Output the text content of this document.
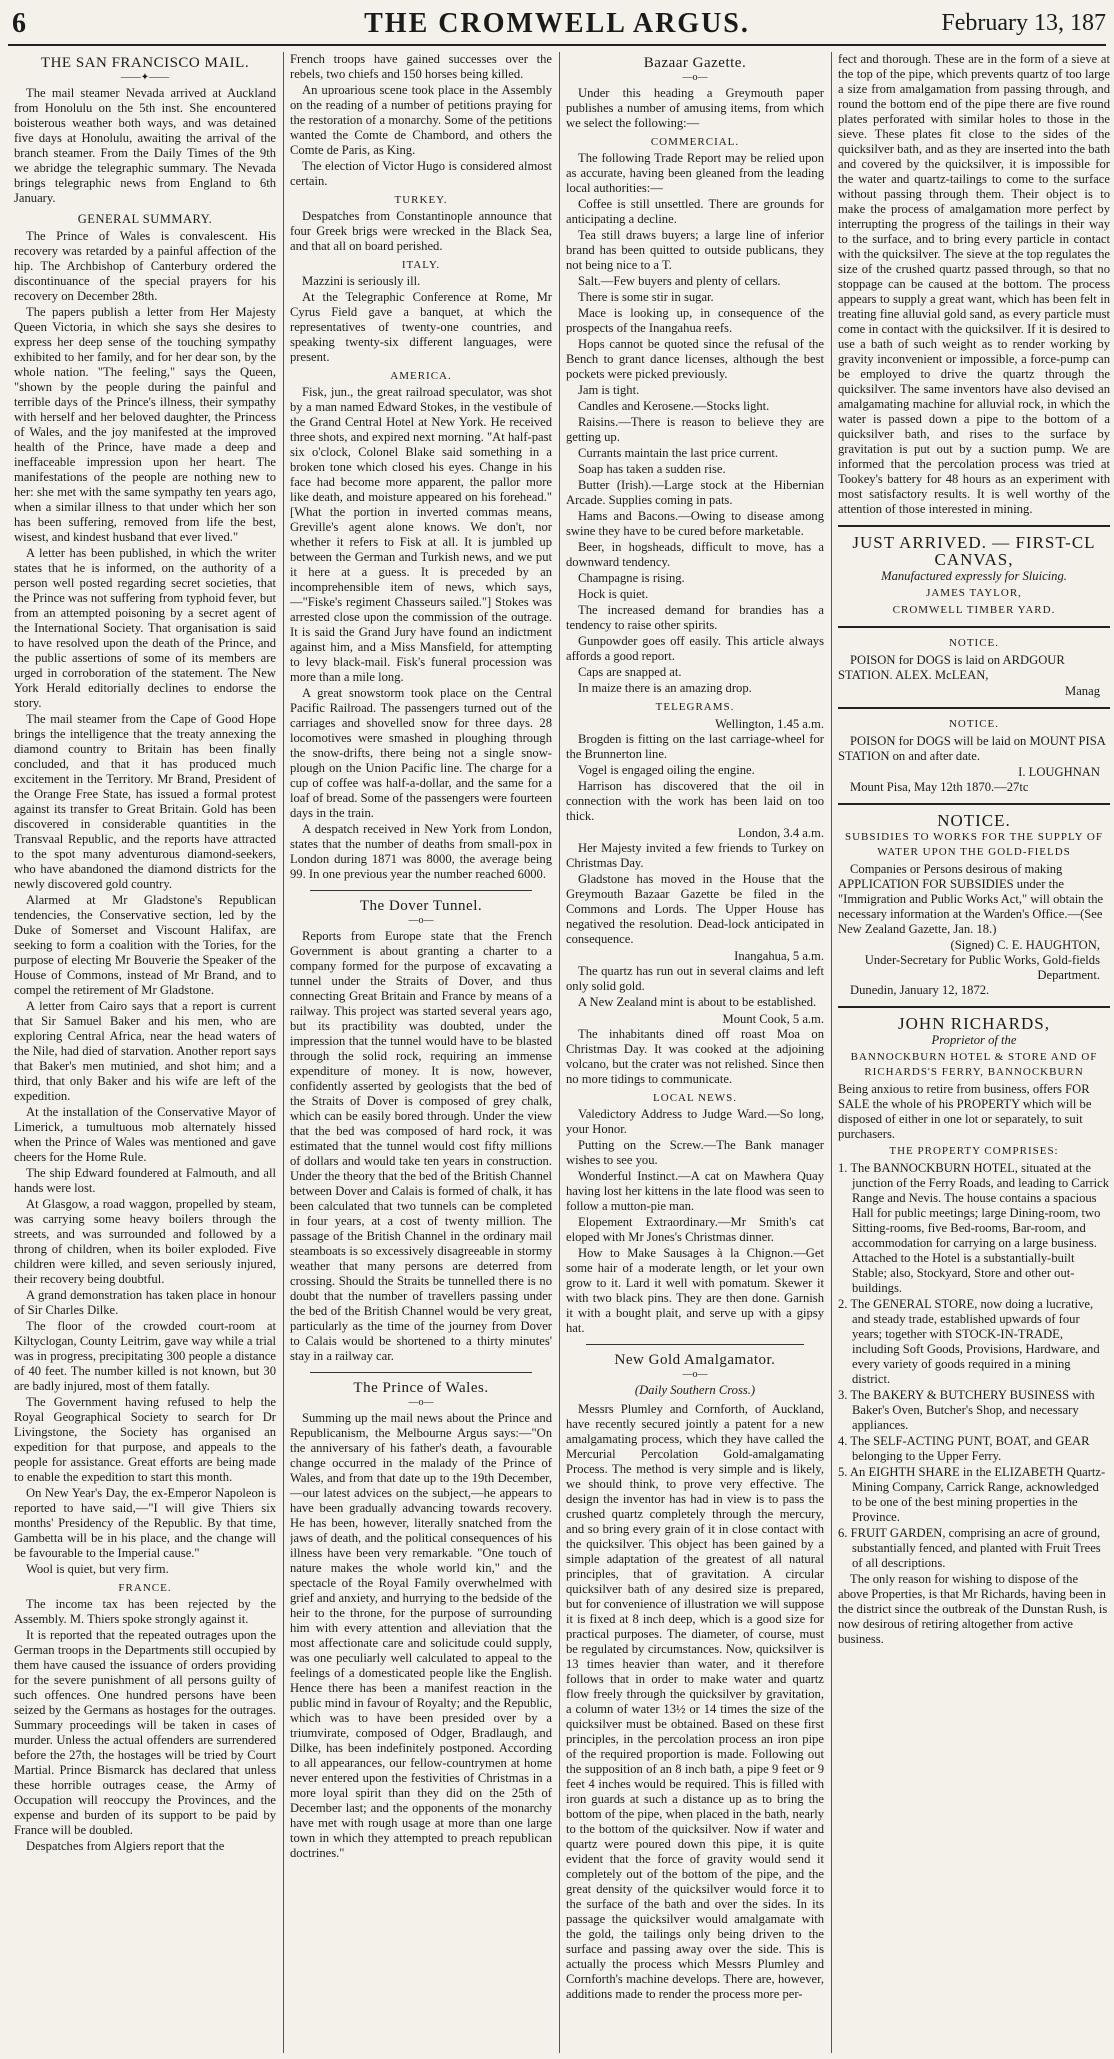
6	THE CROMWELL ARGUS.	February 13, 187
THE SAN FRANCISCO MAIL.
——✦——

The mail steamer Nevada arrived at Auckland from Honolulu on the 5th inst. She encountered boisterous weather both ways, and was detained five days at Honolulu, awaiting the arrival of the branch steamer. From the Daily Times of the 9th we abridge the telegraphic summary. The Nevada brings telegraphic news from England to 6th January.

GENERAL SUMMARY.

The Prince of Wales is convalescent. His recovery was retarded by a painful affection of the hip. The Archbishop of Canterbury ordered the discontinuance of the special prayers for his recovery on December 28th.

The papers publish a letter from Her Majesty Queen Victoria, in which she says she desires to express her deep sense of the touching sympathy exhibited to her family, and for her dear son, by the whole nation. "The feeling," says the Queen, "shown by the people during the painful and terrible days of the Prince's illness, their sympathy with herself and her beloved daughter, the Princess of Wales, and the joy manifested at the improved health of the Prince, have made a deep and ineffaceable impression upon her heart. The manifestations of the people are nothing new to her: she met with the same sympathy ten years ago, when a similar illness to that under which her son has been suffering, removed from life the best, wisest, and kindest husband that ever lived."

A letter has been published, in which the writer states that he is informed, on the authority of a person well posted regarding secret societies, that the Prince was not suffering from typhoid fever, but from an attempted poisoning by a secret agent of the International Society. That organisation is said to have resolved upon the death of the Prince, and the public assertions of some of its members are urged in corroboration of the statement. The New York Herald editorially declines to endorse the story.

The mail steamer from the Cape of Good Hope brings the intelligence that the treaty annexing the diamond country to Britain has been finally concluded, and that it has produced much excitement in the Territory. Mr Brand, President of the Orange Free State, has issued a formal protest against its transfer to Great Britain. Gold has been discovered in considerable quantities in the Transvaal Republic, and the reports have attracted to the spot many adventurous diamond-seekers, who have abandoned the diamond districts for the newly discovered gold country.

Alarmed at Mr Gladstone's Republican tendencies, the Conservative section, led by the Duke of Somerset and Viscount Halifax, are seeking to form a coalition with the Tories, for the purpose of electing Mr Bouverie the Speaker of the House of Commons, instead of Mr Brand, and to compel the retirement of Mr Gladstone.

A letter from Cairo says that a report is current that Sir Samuel Baker and his men, who are exploring Central Africa, near the head waters of the Nile, had died of starvation. Another report says that Baker's men mutinied, and shot him; and a third, that only Baker and his wife are left of the expedition.

At the installation of the Conservative Mayor of Limerick, a tumultuous mob alternately hissed when the Prince of Wales was mentioned and gave cheers for the Home Rule.

The ship Edward foundered at Falmouth, and all hands were lost.

At Glasgow, a road waggon, propelled by steam, was carrying some heavy boilers through the streets, and was surrounded and followed by a throng of children, when its boiler exploded. Five children were killed, and seven seriously injured, their recovery being doubtful.

A grand demonstration has taken place in honour of Sir Charles Dilke.

The floor of the crowded court-room at Kiltyclogan, County Leitrim, gave way while a trial was in progress, precipitating 300 people a distance of 40 feet. The number killed is not known, but 30 are badly injured, most of them fatally.

The Government having refused to help the Royal Geographical Society to search for Dr Livingstone, the Society has organised an expedition for that purpose, and appeals to the people for assistance. Great efforts are being made to enable the expedition to start this month.

On New Year's Day, the ex-Emperor Napoleon is reported to have said,—"I will give Thiers six months' Presidency of the Republic. By that time, Gambetta will be in his place, and the change will be favourable to the Imperial cause."

Wool is quiet, but very firm.

FRANCE.

The income tax has been rejected by the Assembly. M. Thiers spoke strongly against it.

It is reported that the repeated outrages upon the German troops in the Departments still occupied by them have caused the issuance of orders providing for the severe punishment of all persons guilty of such offences. One hundred persons have been seized by the Germans as hostages for the outrages. Summary proceedings will be taken in cases of murder. Unless the actual offenders are surrendered before the 27th, the hostages will be tried by Court Martial. Prince Bismarck has declared that unless these horrible outrages cease, the Army of Occupation will reoccupy the Provinces, and the expense and burden of its support to be paid by France will be doubled.

Despatches from Algiers report that the

French troops have gained successes over the rebels, two chiefs and 150 horses being killed.

An uproarious scene took place in the Assembly on the reading of a number of petitions praying for the restoration of a monarchy. Some of the petitions wanted the Comte de Chambord, and others the Comte de Paris, as King.

The election of Victor Hugo is considered almost certain.

TURKEY.

Despatches from Constantinople announce that four Greek brigs were wrecked in the Black Sea, and that all on board perished.

ITALY.

Mazzini is seriously ill.

At the Telegraphic Conference at Rome, Mr Cyrus Field gave a banquet, at which the representatives of twenty-one countries, and speaking twenty-six different languages, were present.

AMERICA.

Fisk, jun., the great railroad speculator, was shot by a man named Edward Stokes, in the vestibule of the Grand Central Hotel at New York. He received three shots, and expired next morning. "At half-past six o'clock, Colonel Blake said something in a broken tone which closed his eyes. Change in his face had become more apparent, the pallor more like death, and moisture appeared on his forehead." [What the portion in inverted commas means, Greville's agent alone knows. We don't, nor whether it refers to Fisk at all. It is jumbled up between the German and Turkish news, and we put it here at a guess. It is preceded by an incomprehensible item of news, which says,—"Fiske's regiment Chasseurs sailed."] Stokes was arrested close upon the commission of the outrage. It is said the Grand Jury have found an indictment against him, and a Miss Mansfield, for attempting to levy black-mail. Fisk's funeral procession was more than a mile long.

A great snowstorm took place on the Central Pacific Railroad. The passengers turned out of the carriages and shovelled snow for three days. 28 locomotives were smashed in ploughing through the snow-drifts, there being not a single snow-plough on the Union Pacific line. The charge for a cup of coffee was half-a-dollar, and the same for a loaf of bread. Some of the passengers were fourteen days in the train.

A despatch received in New York from London, states that the number of deaths from small-pox in London during 1871 was 8000, the average being 99. In one previous year the number reached 6000.

The Dover Tunnel.
—o—

Reports from Europe state that the French Government is about granting a charter to a company formed for the purpose of excavating a tunnel under the Straits of Dover, and thus connecting Great Britain and France by means of a railway. This project was started several years ago, but its practibility was doubted, under the impression that the tunnel would have to be blasted through the solid rock, requiring an immense expenditure of money. It is now, however, confidently asserted by geologists that the bed of the Straits of Dover is composed of grey chalk, which can be easily bored through. Under the view that the bed was composed of hard rock, it was estimated that the tunnel would cost fifty millions of dollars and would take ten years in construction. Under the theory that the bed of the British Channel between Dover and Calais is formed of chalk, it has been calculated that two tunnels can be completed in four years, at a cost of twenty million. The passage of the British Channel in the ordinary mail steamboats is so excessively disagreeable in stormy weather that many persons are deterred from crossing. Should the Straits be tunnelled there is no doubt that the number of travellers passing under the bed of the British Channel would be very great, particularly as the time of the journey from Dover to Calais would be shortened to a thirty minutes' stay in a railway car.

The Prince of Wales.
—o—

Summing up the mail news about the Prince and Republicanism, the Melbourne Argus says:—"On the anniversary of his father's death, a favourable change occurred in the malady of the Prince of Wales, and from that date up to the 19th December,—our latest advices on the subject,—he appears to have been gradually advancing towards recovery. He has been, however, literally snatched from the jaws of death, and the political consequences of his illness have been very remarkable. "One touch of nature makes the whole world kin," and the spectacle of the Royal Family overwhelmed with grief and anxiety, and hurrying to the bedside of the heir to the throne, for the purpose of surrounding him with every attention and alleviation that the most affectionate care and solicitude could supply, was one peculiarly well calculated to appeal to the feelings of a domesticated people like the English. Hence there has been a manifest reaction in the public mind in favour of Royalty; and the Republic, which was to have been presided over by a triumvirate, composed of Odger, Bradlaugh, and Dilke, has been indefinitely postponed. According to all appearances, our fellow-countrymen at home never entered upon the festivities of Christmas in a more loyal spirit than they did on the 25th of December last; and the opponents of the monarchy have met with rough usage at more than one large town in which they attempted to preach republican doctrines."

Bazaar Gazette.
—o—

Under this heading a Greymouth paper publishes a number of amusing items, from which we select the following:—

COMMERCIAL.

The following Trade Report may be relied upon as accurate, having been gleaned from the leading local authorities:—

Coffee is still unsettled. There are grounds for anticipating a decline.

Tea still draws buyers; a large line of inferior brand has been quitted to outside publicans, they not being nice to a T.

Salt.—Few buyers and plenty of cellars.

There is some stir in sugar.

Mace is looking up, in consequence of the prospects of the Inangahua reefs.

Hops cannot be quoted since the refusal of the Bench to grant dance licenses, although the best pockets were picked previously.

Jam is tight.

Candles and Kerosene.—Stocks light.

Raisins.—There is reason to believe they are getting up.

Currants maintain the last price current.

Soap has taken a sudden rise.

Butter (Irish).—Large stock at the Hibernian Arcade. Supplies coming in pats.

Hams and Bacons.—Owing to disease among swine they have to be cured before marketable.

Beer, in hogsheads, difficult to move, has a downward tendency.

Champagne is rising.

Hock is quiet.

The increased demand for brandies has a tendency to raise other spirits.

Gunpowder goes off easily. This article always affords a good report.

Caps are snapped at.

In maize there is an amazing drop.

TELEGRAMS.
Wellington, 1.45 a.m.

Brogden is fitting on the last carriage-wheel for the Brunnerton line.

Vogel is engaged oiling the engine.

Harrison has discovered that the oil in connection with the work has been laid on too thick.

London, 3.4 a.m.

Her Majesty invited a few friends to Turkey on Christmas Day.

Gladstone has moved in the House that the Greymouth Bazaar Gazette be filed in the Commons and Lords. The Upper House has negatived the resolution. Dead-lock anticipated in consequence.

Inangahua, 5 a.m.

The quartz has run out in several claims and left only solid gold.

A New Zealand mint is about to be established.

Mount Cook, 5 a.m.

The inhabitants dined off roast Moa on Christmas Day. It was cooked at the adjoining volcano, but the crater was not relished. Since then no more tidings to communicate.

LOCAL NEWS.

Valedictory Address to Judge Ward.—So long, your Honor.

Putting on the Screw.—The Bank manager wishes to see you.

Wonderful Instinct.—A cat on Mawhera Quay having lost her kittens in the late flood was seen to follow a mutton-pie man.

Elopement Extraordinary.—Mr Smith's cat eloped with Mr Jones's Christmas dinner.

How to Make Sausages à la Chignon.—Get some hair of a moderate length, or let your own grow to it. Lard it well with pomatum. Skewer it with two black pins. They are then done. Garnish it with a bought plait, and serve up with a gipsy hat.

New Gold Amalgamator.
—o—
(Daily Southern Cross.)

Messrs Plumley and Cornforth, of Auckland, have recently secured jointly a patent for a new amalgamating process, which they have called the Mercurial Percolation Gold-amalgamating Process. The method is very simple and is likely, we should think, to prove very effective. The design the inventor has had in view is to pass the crushed quartz completely through the mercury, and so bring every grain of it in close contact with the quicksilver. This object has been gained by a simple adaptation of the greatest of all natural principles, that of gravitation. A circular quicksilver bath of any desired size is prepared, but for convenience of illustration we will suppose it is fixed at 8 inch deep, which is a good size for practical purposes. The diameter, of course, must be regulated by circumstances. Now, quicksilver is 13 times heavier than water, and it therefore follows that in order to make water and quartz flow freely through the quicksilver by gravitation, a column of water 13½ or 14 times the size of the quicksilver must be obtained. Based on these first principles, in the percolation process an iron pipe of the required proportion is made. Following out the supposition of an 8 inch bath, a pipe 9 feet or 9 feet 4 inches would be required. This is filled with iron guards at such a distance up as to bring the bottom of the pipe, when placed in the bath, nearly to the bottom of the quicksilver. Now if water and quartz were poured down this pipe, it is quite evident that the force of gravity would send it completely out of the bottom of the pipe, and the great density of the quicksilver would force it to the surface of the bath and over the sides. In its passage the quicksilver would amalgamate with the gold, the tailings only being driven to the surface and passing away over the side. This is actually the process which Messrs Plumley and Cornforth's machine develops. There are, however, additions made to render the process more per-

fect and thorough. These are in the form of a sieve at the top of the pipe, which prevents quartz of too large a size from amalgamation from passing through, and round the bottom end of the pipe there are five round plates perforated with similar holes to those in the sieve. These plates fit close to the sides of the quicksilver bath, and as they are inserted into the bath and covered by the quicksilver, it is impossible for the water and quartz-tailings to come to the surface without passing through them. Their object is to make the process of amalgamation more perfect by interrupting the progress of the tailings in their way to the surface, and to bring every particle in contact with the quicksilver. The sieve at the top regulates the size of the crushed quartz passed through, so that no stoppage can be caused at the bottom. The process appears to supply a great want, which has been felt in treating fine alluvial gold sand, as every particle must come in contact with the quicksilver. If it is desired to use a bath of such weight as to render working by gravity inconvenient or impossible, a force-pump can be employed to drive the quartz through the quicksilver. The same inventors have also devised an amalgamating machine for alluvial rock, in which the water is passed down a pipe to the bottom of a quicksilver bath, and rises to the surface by gravitation is put out by a suction pump. We are informed that the percolation process was tried at Tookey's battery for 48 hours as an experiment with most satisfactory results. It is well worthy of the attention of those interested in mining.

JUST ARRIVED. — FIRST-CL
CANVAS,
Manufactured expressly for Sluicing.
JAMES TAYLOR,
CROMWELL TIMBER YARD.
NOTICE.

POISON for DOGS is laid on ARDGOUR STATION. ALEX. McLEAN,

Manag
NOTICE.

POISON for DOGS will be laid on MOUNT PISA STATION on and after date.

I. LOUGHNAN

Mount Pisa, May 12th 1870.—27tc

NOTICE.
SUBSIDIES TO WORKS FOR THE SUPPLY OF WATER UPON THE GOLD-FIELDS

Companies or Persons desirous of making APPLICATION FOR SUBSIDIES under the "Immigration and Public Works Act," will obtain the necessary information at the Warden's Office.—(See New Zealand Gazette, Jan. 18.)

(Signed) C. E. HAUGHTON,
Under-Secretary for Public Works, Gold-fields Department.

Dunedin, January 12, 1872.

JOHN RICHARDS,
Proprietor of the
BANNOCKBURN HOTEL & STORE AND OF RICHARDS'S FERRY, BANNOCKBURN

Being anxious to retire from business, offers FOR SALE the whole of his PROPERTY which will be disposed of either in one lot or separately, to suit purchasers.

THE PROPERTY COMPRISES:

1. The BANNOCKBURN HOTEL, situated at the junction of the Ferry Roads, and leading to Carrick Range and Nevis. The house contains a spacious Hall for public meetings; large Dining-room, two Sitting-rooms, five Bed-rooms, Bar-room, and accommodation for carrying on a large business. Attached to the Hotel is a substantially-built Stable; also, Stockyard, Store and other out-buildings.

2. The GENERAL STORE, now doing a lucrative, and steady trade, established upwards of four years; together with STOCK-IN-TRADE, including Soft Goods, Provisions, Hardware, and every variety of goods required in a mining district.

3. The BAKERY & BUTCHERY BUSINESS with Baker's Oven, Butcher's Shop, and necessary appliances.

4. The SELF-ACTING PUNT, BOAT, and GEAR belonging to the Upper Ferry.

5. An EIGHTH SHARE in the ELIZABETH Quartz-Mining Company, Carrick Range, acknowledged to be one of the best mining properties in the Province.

6. FRUIT GARDEN, comprising an acre of ground, substantially fenced, and planted with Fruit Trees of all descriptions.

The only reason for wishing to dispose of the above Properties, is that Mr Richards, having been in the district since the outbreak of the Dunstan Rush, is now desirous of retiring altogether from active business.
